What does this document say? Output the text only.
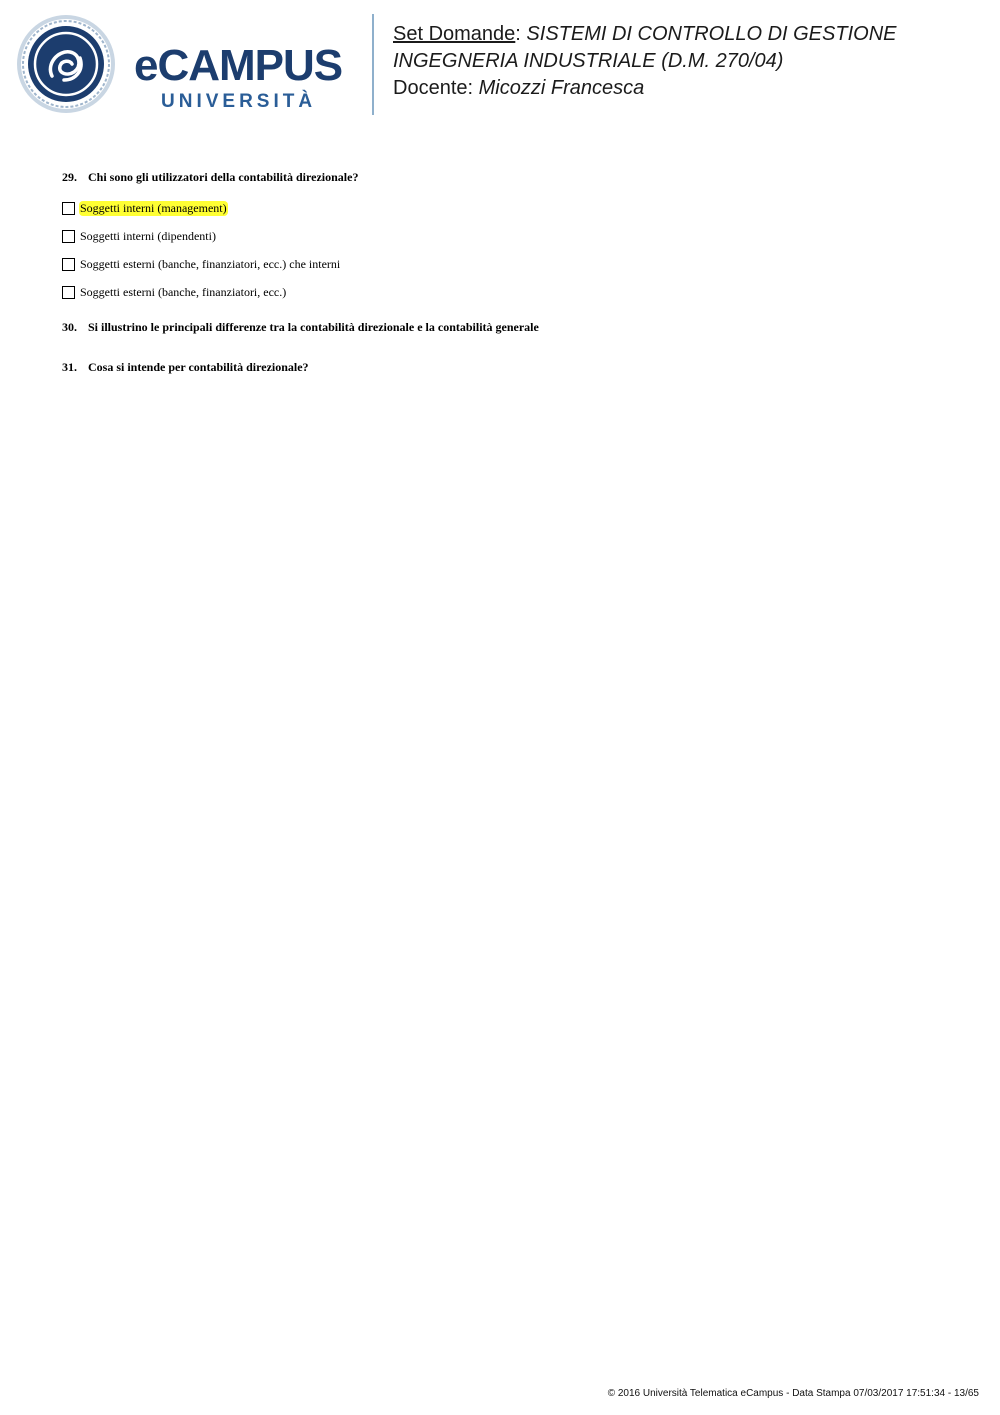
eCAMPUS
UNIVERSITÀ
Set Domande: SISTEMI DI CONTROLLO DI GESTIONE
INGEGNERIA INDUSTRIALE (D.M. 270/04)
Docente: Micozzi Francesca
29. Chi sono gli utilizzatori della contabilità direzionale?
Soggetti interni (management)
Soggetti interni (dipendenti)
Soggetti esterni (banche, finanziatori, ecc.) che interni
Soggetti esterni (banche, finanziatori, ecc.)
30. Si illustrino le principali differenze tra la contabilità direzionale e la contabilità generale
31. Cosa si intende per contabilità direzionale?
© 2016 Università Telematica eCampus - Data Stampa 07/03/2017 17:51:34 - 13/65
